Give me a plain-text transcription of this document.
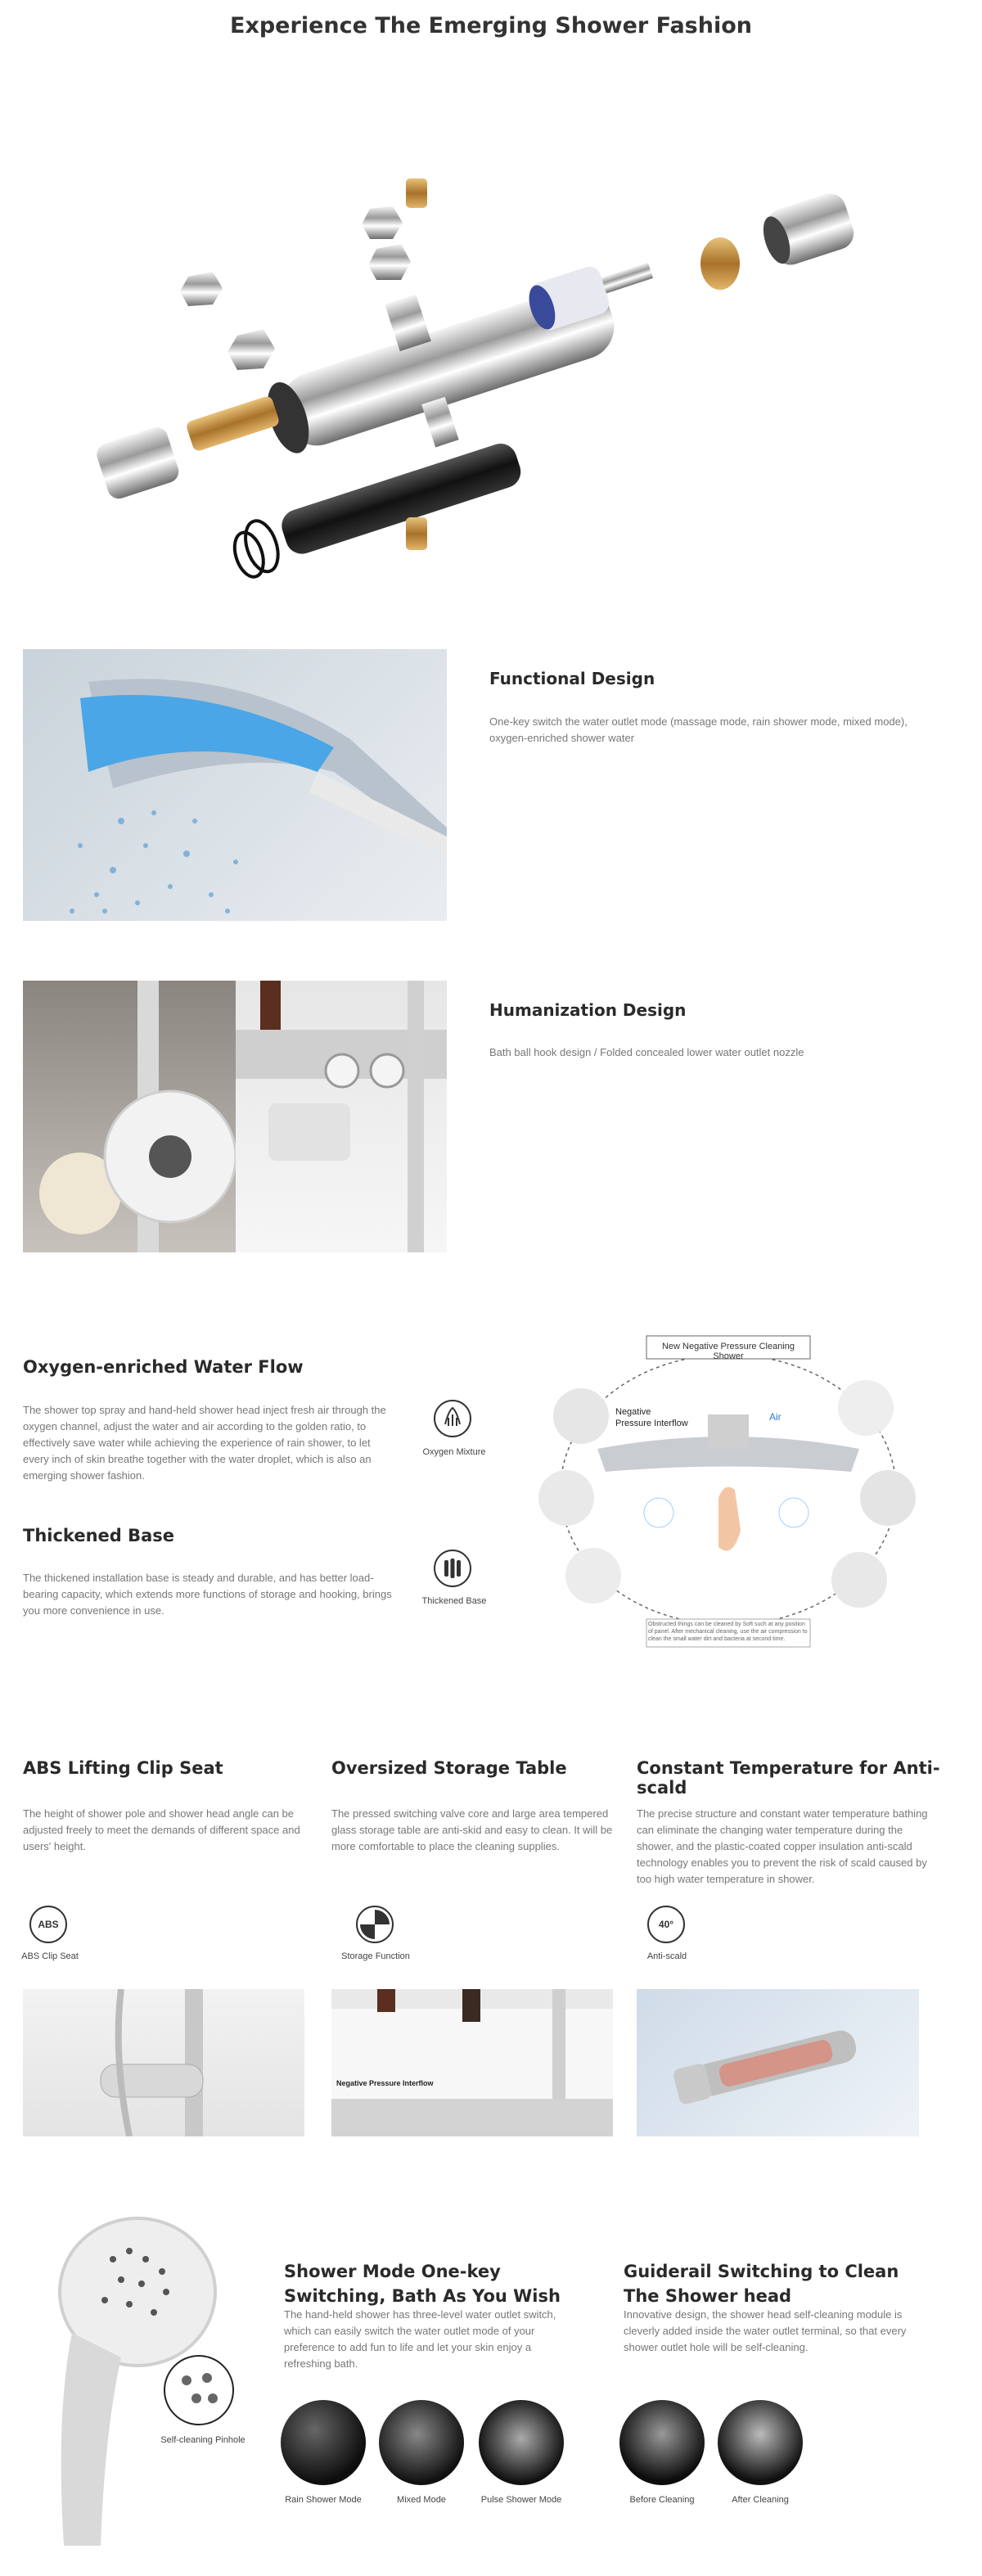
Experience The Emerging Shower Fashion
Functional Design
One-key switch the water outlet mode (massage mode, rain shower mode, mixed mode), oxygen-enriched shower water
Humanization Design
Bath ball hook design / Folded concealed lower water outlet nozzle
Oxygen-enriched Water Flow
The shower top spray and hand-held shower head inject fresh air through the oxygen channel, adjust the water and air according to the golden ratio, to effectively save water while achieving the experience of rain shower, to let every inch of skin breathe together with the water droplet, which is also an emerging shower fashion.
Oxygen Mixture
Thickened Base
The thickened installation base is steady and durable, and has better load-bearing capacity, which extends more functions of storage and hooking, brings you more convenience in use.
Thickened Base
New Negative Pressure Cleaning Shower
Negative Pressure Interflow
Air
Obstructed things can be cleaned by Soft such at any position of panel. After mechanical cleaning, use the air compression to clean the small water dirt and bacteria at second time.
ABS Lifting Clip Seat
The height of shower pole and shower head angle can be adjusted freely to meet the demands of different space and users' height.
ABS
ABS Clip Seat
Oversized Storage Table
The pressed switching valve core and large area tempered glass storage table are anti-skid and easy to clean. It will be more comfortable to place the cleaning supplies.
Storage Function
Constant Temperature for Anti-scald
The precise structure and constant water temperature bathing can eliminate the changing water temperature during the shower, and the plastic-coated copper insulation anti-scald technology enables you to prevent the risk of scald caused by too high water temperature in shower.
40°
Anti-scald
Negative Pressure Interflow
Self-cleaning Pinhole
Shower Mode One-key Switching, Bath As You Wish
The hand-held shower has three-level water outlet switch, which can easily switch the water outlet mode of your preference to add fun to life and let your skin enjoy a refreshing bath.
Guiderail Switching to Clean The Shower head
Innovative design, the shower head self-cleaning module is cleverly added inside the water outlet terminal, so that every shower outlet hole will be self-cleaning.
Rain Shower Mode	Mixed Mode	Pulse Shower Mode	Before Cleaning	After Cleaning
